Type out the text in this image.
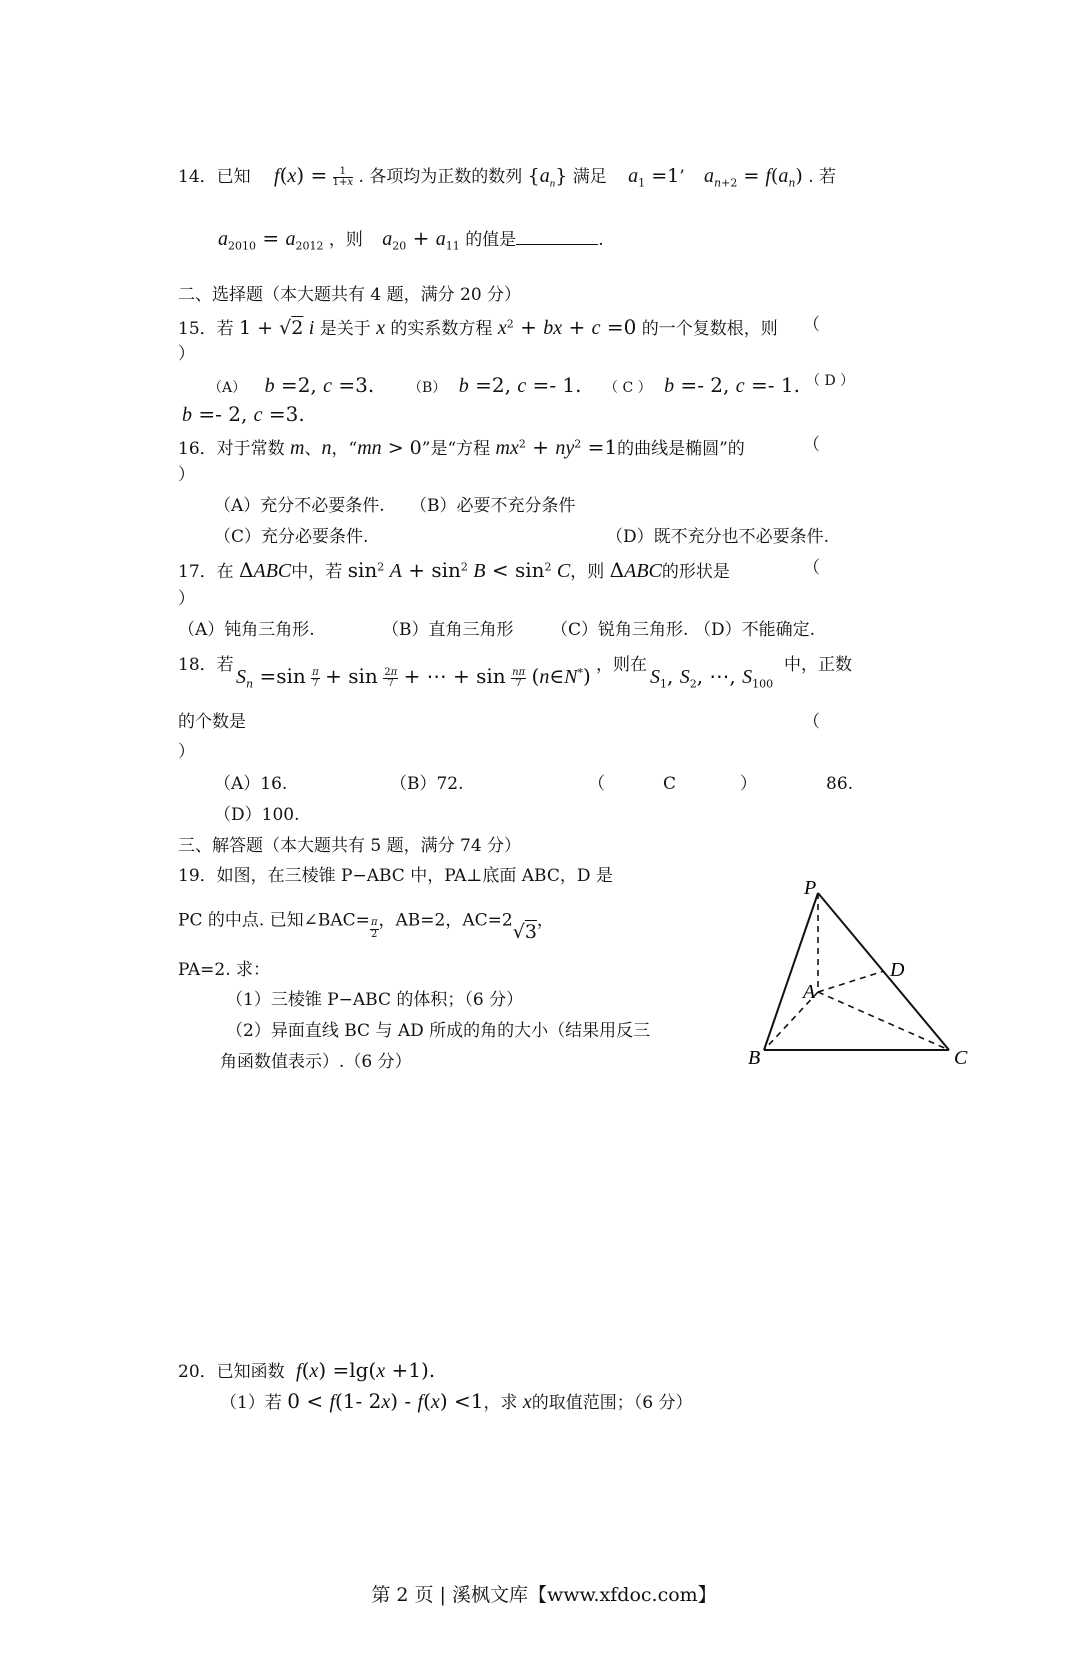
14．已知 $f(x) = \frac{1}{1+x}$ . 各项均为正数的数列 $\{a_n\}$ 满足 $a_1 =1$’ $a_{n+2} = f(a_n)$ . 若
$a_{2010} = a_{2012}$ ，则 $a_{20} + a_{11}$ 的值是	.
二、选择题（本大题共有 4 题，满分 20 分）
15．若 1 + √2 i 是关于 x 的实系数方程 $x^2$ + bx + c =0 的一个复数根，则 （
）
（A） b =2, c =3. （B） b =2, c =- 1. （ C ） b =- 2, c =- 1. （ D ）
b =- 2, c =3.
16．对于常数 m、n，“mn > 0”是“方程 $mx^2 + ny^2 =1$的曲线是椭圆”的	（
）
（A）充分不必要条件. （B）必要不充分条件
（C）充分必要条件.	（D）既不充分也不必要条件.
17．在 ΔABC中，若 $\sin^2 A + \sin^2 B < \sin^2 C$，则 ΔABC的形状是	（
）
（A）钝角三角形.	（B）直角三角形 （C）锐角三角形. （D）不能确定.
18．若
$S_n =\sin \frac{\pi}{7} + \sin \frac{2\pi}{7}$ + ⋯ + $\sin \frac{n\pi}{7}$ (n∈N*) ，则在
$S_1$, $S_2$, ⋯, $S_{100}$
中，正数
的个数是	（
）
（A）16.	（B）72.	（	C	）	86.
（D）100.
三、解答题（本大题共有 5 题，满分 74 分）
19．如图，在三棱锥 P−ABC 中，PA⊥底面 ABC，D 是
PC 的中点. 已知∠BAC= $\frac{\pi}{2}$ ，AB=2，AC=2√3，
PA=2. 求：
（1）三棱锥 P−ABC 的体积；（6 分）
（2）异面直线 BC 与 AD 所成的角的大小（结果用反三
角函数值表示）.（6 分）
P
A
B	C
D
20．已知函数 f(x) =lg(x +1).
（1）若 0 < f(1- 2x) - f(x) <1，求 x的取值范围；（6 分）
第 2 页 | 溪枫文库【www.xfdoc.com】
